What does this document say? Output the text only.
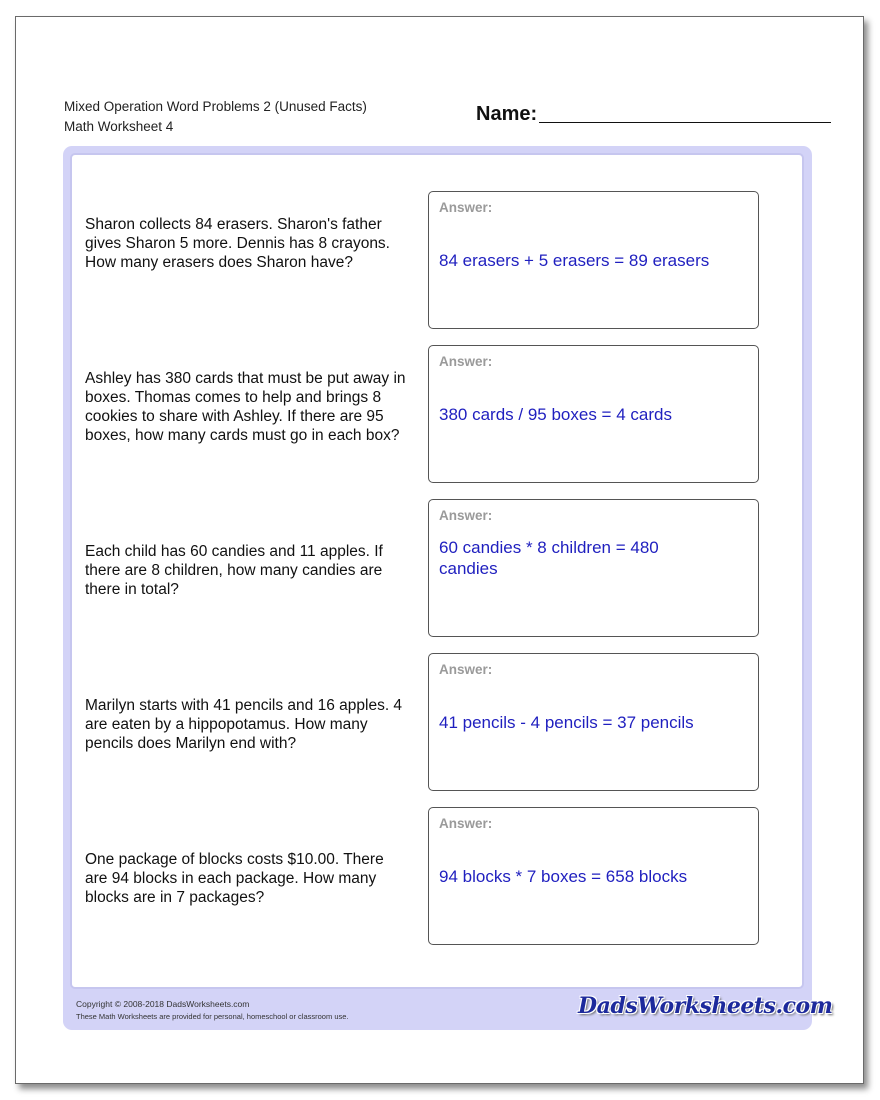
Mixed Operation Word Problems 2 (Unused Facts)
Math Worksheet 4
Name:
Sharon collects 84 erasers. Sharon's father gives Sharon 5 more. Dennis has 8 crayons. How many erasers does Sharon have?
Answer:
84 erasers + 5 erasers = 89 erasers
Ashley has 380 cards that must be put away in boxes. Thomas comes to help and brings 8 cookies to share with Ashley. If there are 95 boxes, how many cards must go in each box?
Answer:
380 cards / 95 boxes = 4 cards
Each child has 60 candies and 11 apples. If there are 8 children, how many candies are there in total?
Answer:
60 candies * 8 children = 480 candies
Marilyn starts with 41 pencils and 16 apples. 4 are eaten by a hippopotamus. How many pencils does Marilyn end with?
Answer:
41 pencils - 4 pencils = 37 pencils
One package of blocks costs $10.00. There are 94 blocks in each package. How many blocks are in 7 packages?
Answer:
94 blocks * 7 boxes = 658 blocks
Copyright © 2008-2018 DadsWorksheets.com
These Math Worksheets are provided for personal, homeschool or classroom use.	DadsWorksheets.com
